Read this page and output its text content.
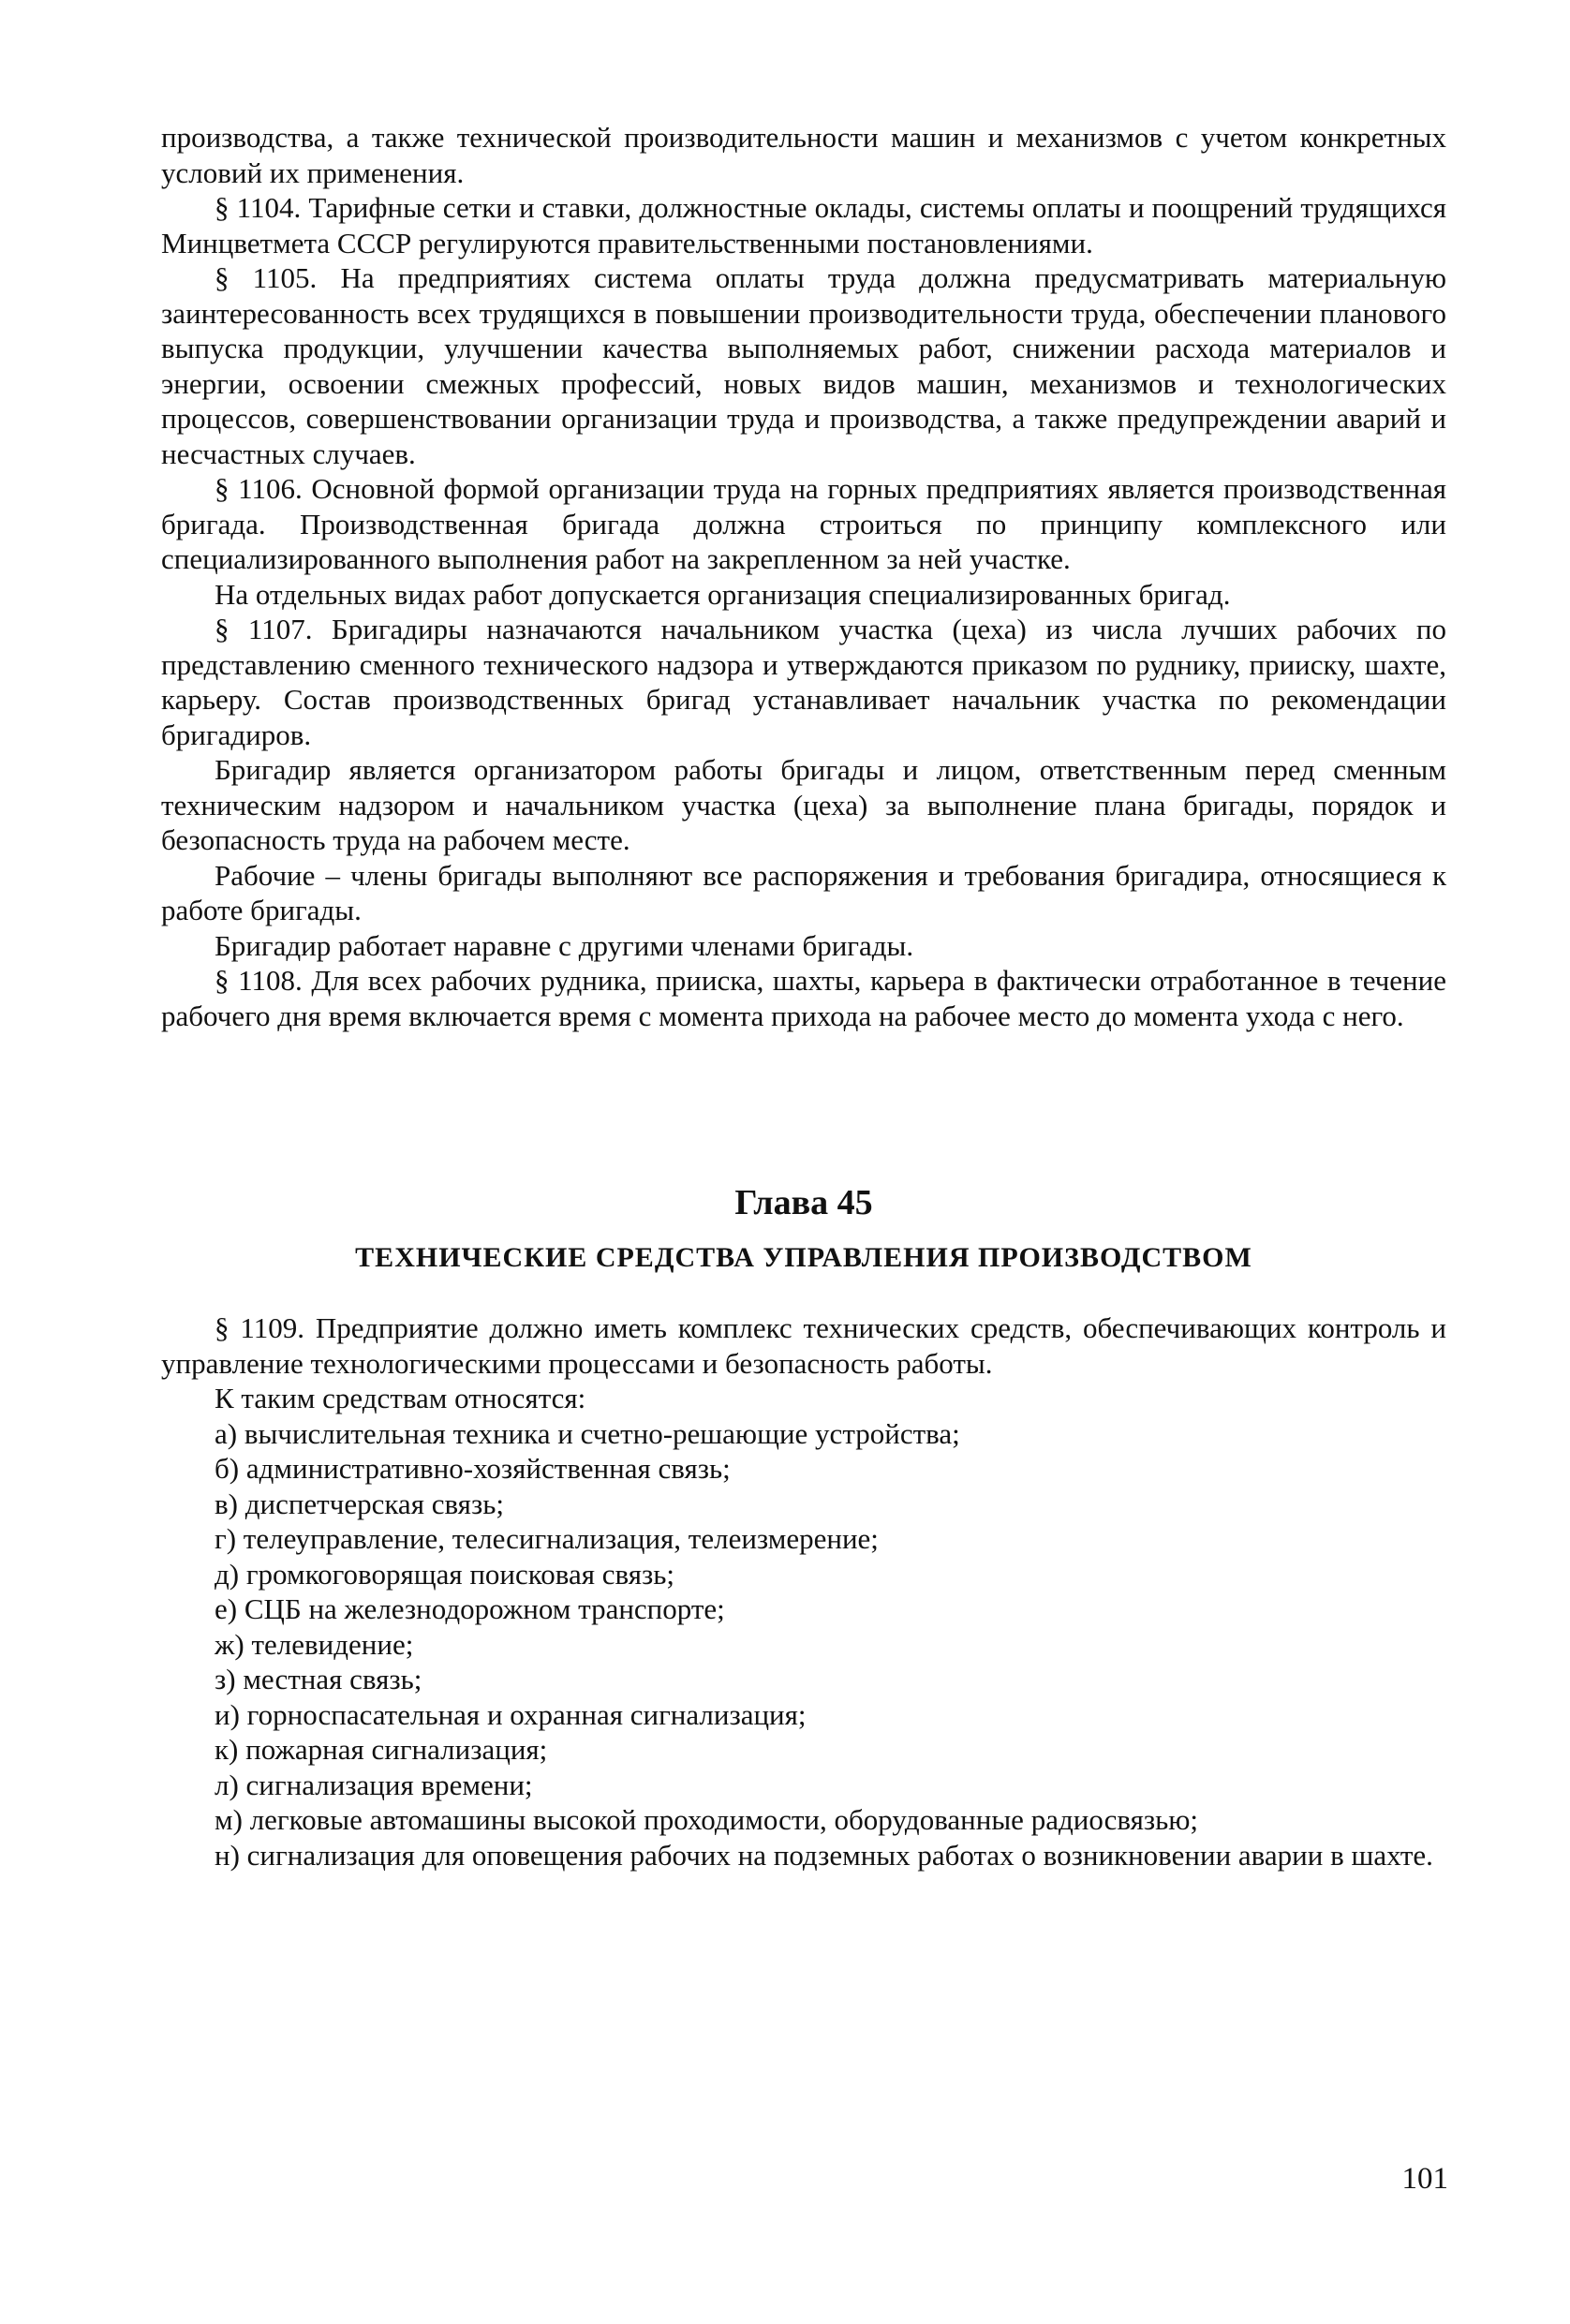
производства, а также технической производительности машин и механизмов с учетом конкретных условий их применения.

§ 1104. Тарифные сетки и ставки, должностные оклады, системы оплаты и поощрений трудящихся Минцветмета СССР регулируются правительственными постановлениями.

§ 1105. На предприятиях система оплаты труда должна предусматривать материальную заинтересованность всех трудящихся в повышении производительности труда, обеспечении планового выпуска продукции, улучшении качества выполняемых работ, снижении расхода материалов и энергии, освоении смежных профессий, новых видов машин, механизмов и технологических процессов, совершенствовании организации труда и производства, а также предупреждении аварий и несчастных случаев.

§ 1106. Основной формой организации труда на горных предприятиях является производственная бригада. Производственная бригада должна строиться по принципу комплексного или специализированного выполнения работ на закрепленном за ней участке.

На отдельных видах работ допускается организация специализированных бригад.

§ 1107. Бригадиры назначаются начальником участка (цеха) из числа лучших рабочих по представлению сменного технического надзора и утверждаются приказом по руднику, прииску, шахте, карьеру. Состав производственных бригад устанавливает начальник участка по рекомендации бригадиров.

Бригадир является организатором работы бригады и лицом, ответственным перед сменным техническим надзором и начальником участка (цеха) за выполнение плана бригады, порядок и безопасность труда на рабочем месте.

Рабочие – члены бригады выполняют все распоряжения и требования бригадира, относящиеся к работе бригады.

Бригадир работает наравне с другими членами бригады.

§ 1108. Для всех рабочих рудника, прииска, шахты, карьера в фактически отработанное в течение рабочего дня время включается время с момента прихода на рабочее место до момента ухода с него.

Глава 45
ТЕХНИЧЕСКИЕ СРЕДСТВА УПРАВЛЕНИЯ ПРОИЗВОДСТВОМ

§ 1109. Предприятие должно иметь комплекс технических средств, обеспечивающих контроль и управление технологическими процессами и безопасность работы.

К таким средствам относятся:

а) вычислительная техника и счетно-решающие устройства;

б) административно-хозяйственная связь;

в) диспетчерская связь;

г) телеуправление, телесигнализация, телеизмерение;

д) громкоговорящая поисковая связь;

е) СЦБ на железнодорожном транспорте;

ж) телевидение;

з) местная связь;

и) горноспасательная и охранная сигнализация;

к) пожарная сигнализация;

л) сигнализация времени;

м) легковые автомашины высокой проходимости, оборудованные радиосвязью;

н) сигнализация для оповещения рабочих на подземных работах о возникновении аварии в шахте.

101
